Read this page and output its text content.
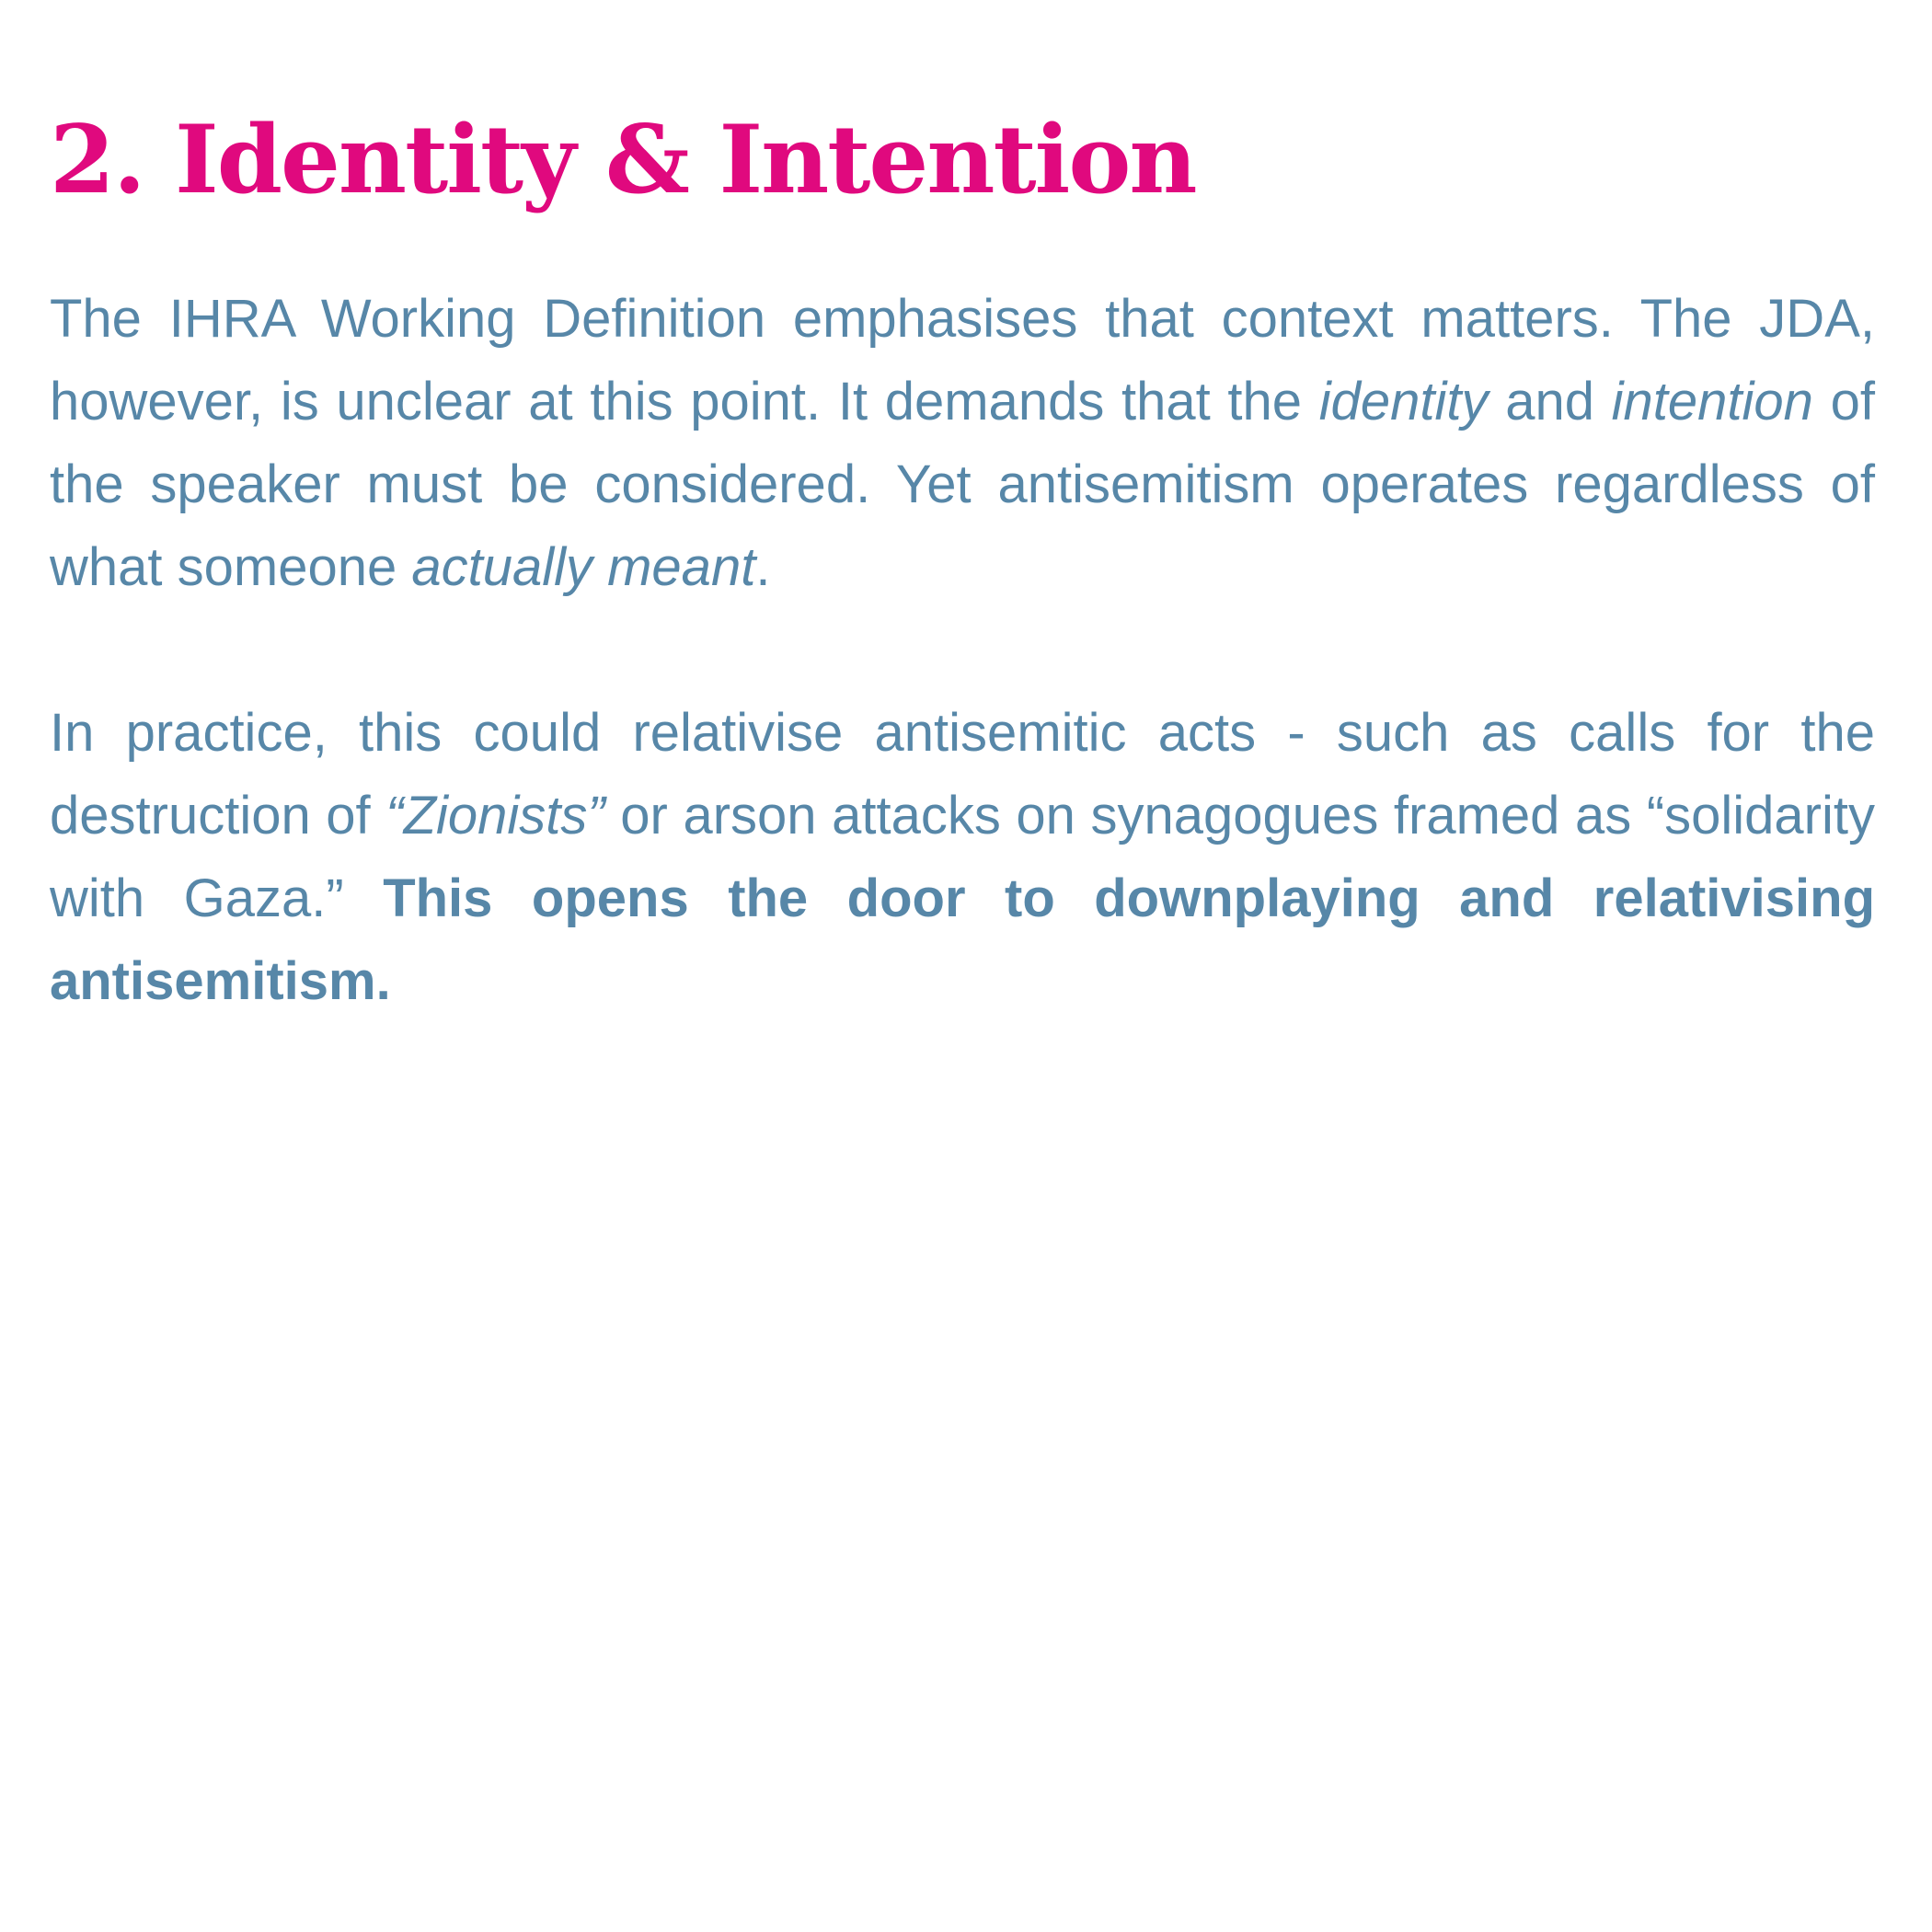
2. Identity & Intention

The IHRA Working Definition emphasises that context matters. The JDA, however, is unclear at this point. It demands that the identity and intention of the speaker must be considered. Yet antisemitism operates regardless of what someone actually meant.

In practice, this could relativise antisemitic acts - such as calls for the destruction of “Zionists” or arson attacks on synagogues framed as “solidarity with Gaza.” This opens the door to downplaying and relativising antisemitism.
